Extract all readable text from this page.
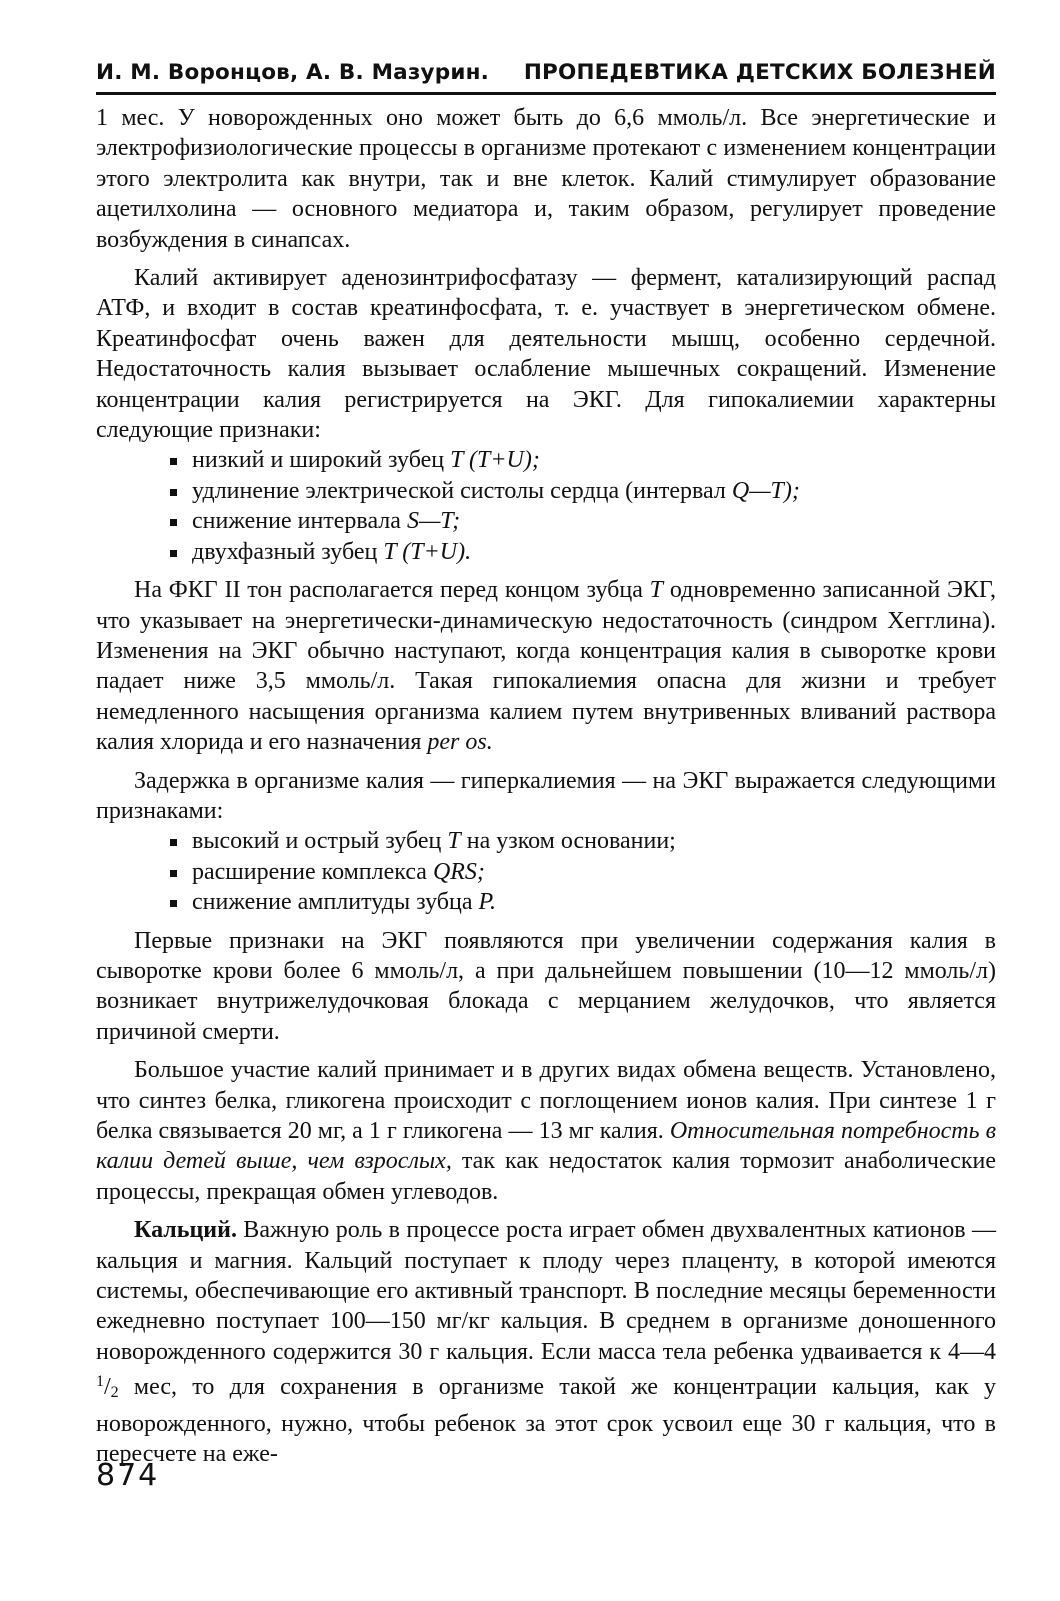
И. М. Воронцов, А. В. Мазурин. ПРОПЕДЕВТИКА ДЕТСКИХ БОЛЕЗНЕЙ

1 мес. У новорожденных оно может быть до 6,6 ммоль/л. Все энергетические и электрофизиологические процессы в организме протекают с изменением концентрации этого электролита как внутри, так и вне клеток. Калий стимулирует образование ацетилхолина — основного медиатора и, таким образом, регулирует проведение возбуждения в синапсах.

Калий активирует аденозинтрифосфатазу — фермент, катализирующий распад АТФ, и входит в состав креатинфосфата, т. е. участвует в энергетическом обмене. Креатинфосфат очень важен для деятельности мышц, особенно сердечной. Недостаточность калия вызывает ослабление мышечных сокращений. Изменение концентрации калия регистрируется на ЭКГ. Для гипокалиемии характерны следующие признаки:

низкий и широкий зубец T (T+U);
удлинение электрической систолы сердца (интервал Q—T);
снижение интервала S—T;
двухфазный зубец T (T+U).

На ФКГ II тон располагается перед концом зубца T одновременно записанной ЭКГ, что указывает на энергетически-динамическую недостаточность (синдром Хегглина). Изменения на ЭКГ обычно наступают, когда концентрация калия в сыворотке крови падает ниже 3,5 ммоль/л. Такая гипокалиемия опасна для жизни и требует немедленного насыщения организма калием путем внутривенных вливаний раствора калия хлорида и его назначения per os.

Задержка в организме калия — гиперкалиемия — на ЭКГ выражается следующими признаками:

высокий и острый зубец T на узком основании;
расширение комплекса QRS;
снижение амплитуды зубца P.

Первые признаки на ЭКГ появляются при увеличении содержания калия в сыворотке крови более 6 ммоль/л, а при дальнейшем повышении (10—12 ммоль/л) возникает внутрижелудочковая блокада с мерцанием желудочков, что является причиной смерти.

Большое участие калий принимает и в других видах обмена веществ. Установлено, что синтез белка, гликогена происходит с поглощением ионов калия. При синтезе 1 г белка связывается 20 мг, а 1 г гликогена — 13 мг калия. Относительная потребность в калии детей выше, чем взрослых, так как недостаток калия тормозит анаболические процессы, прекращая обмен углеводов.

Кальций. Важную роль в процессе роста играет обмен двухвалентных катионов — кальция и магния. Кальций поступает к плоду через плаценту, в которой имеются системы, обеспечивающие его активный транспорт. В последние месяцы беременности ежедневно поступает 100—150 мг/кг кальция. В среднем в организме доношенного новорожденного содержится 30 г кальция. Если масса тела ребенка удваивается к 4—4 $^1$/2 мес, то для сохранения в организме такой же концентрации кальция, как у новорожденного, нужно, чтобы ребенок за этот срок усвоил еще 30 г кальция, что в пересчете на еже-

874
